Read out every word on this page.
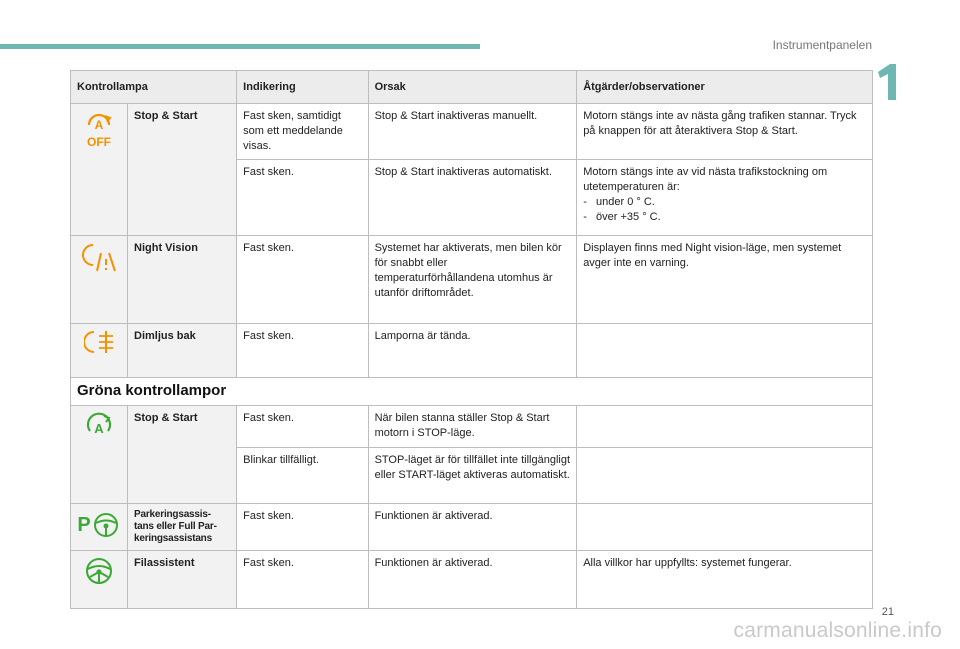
Instrumentpanelen
Kontrollampa		Indikering	Orsak	Åtgärder/observationer

A
OFF	Stop & Start	Fast sken, samtidigt som ett meddelande visas.	Stop & Start inaktiveras manuellt.	Motorn stängs inte av nästa gång trafiken stannar. Tryck på knappen för att återaktivera Stop & Start.
		Fast sken.	Stop & Start inaktiveras automatiskt.	Motorn stängs inte av vid nästa trafikstockning om utetemperaturen är:
-   under 0 ° C.
-   över +35 ° C.

	Night Vision	Fast sken.	Systemet har aktiverats, men bilen kör för snabbt eller temperaturförhållandena utomhus är utanför driftområdet.	Displayen finns med Night vision-läge, men systemet avger inte en varning.

	Dimljus bak	Fast sken.	Lamporna är tända.	
Gröna kontrollampor				

A	Stop & Start	Fast sken.	När bilen stanna ställer Stop & Start motorn i STOP-läge.	
		Blinkar tillfälligt.	STOP-läget är för tillfället inte tillgängligt eller START-läget aktiveras automatiskt.	

P	Parkeringsassis-tans eller Full Par-keringsassistans	Fast sken.	Funktionen är aktiverad.	

	Filassistent	Fast sken.	Funktionen är aktiverad.	Alla villkor har uppfyllts: systemet fungerar.
21
carmanualsonline.info
